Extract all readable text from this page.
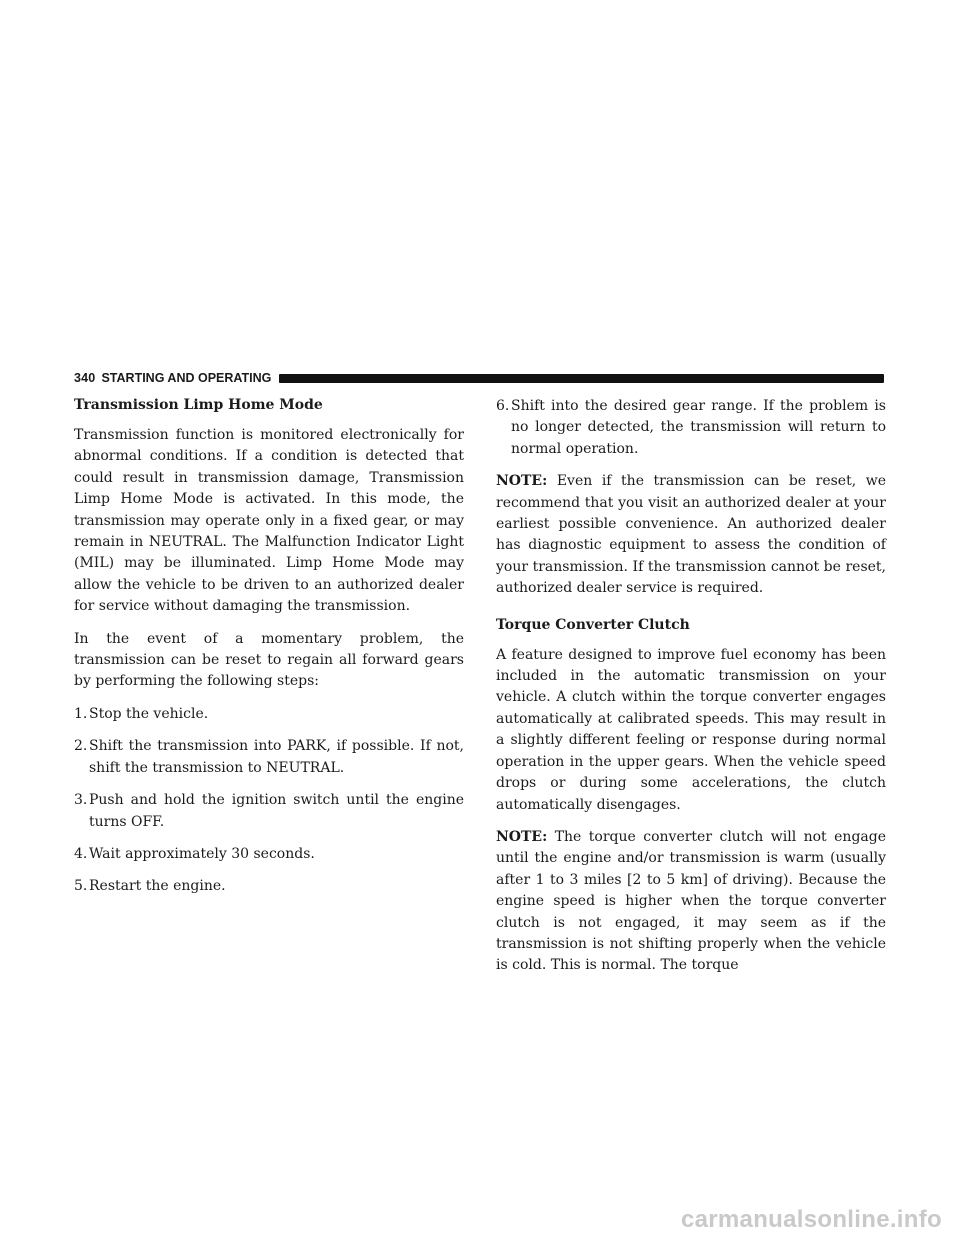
340 STARTING AND OPERATING
Transmission Limp Home Mode

Transmission function is monitored electronically for abnormal conditions. If a condition is detected that could result in transmission damage, Transmission Limp Home Mode is activated. In this mode, the transmission may operate only in a fixed gear, or may remain in NEUTRAL. The Malfunction Indicator Light (MIL) may be illuminated. Limp Home Mode may allow the vehicle to be driven to an authorized dealer for service without damaging the transmission.

In the event of a momentary problem, the transmission can be reset to regain all forward gears by performing the following steps:

1. Stop the vehicle.
2. Shift the transmission into PARK, if possible. If not, shift the transmission to NEUTRAL.
3. Push and hold the ignition switch until the engine turns OFF.
4. Wait approximately 30 seconds.
5. Restart the engine.
6. Shift into the desired gear range. If the problem is no longer detected, the transmission will return to normal operation.

NOTE: Even if the transmission can be reset, we recommend that you visit an authorized dealer at your earliest possible convenience. An authorized dealer has diagnostic equipment to assess the condition of your transmission. If the transmission cannot be reset, authorized dealer service is required.

Torque Converter Clutch

A feature designed to improve fuel economy has been included in the automatic transmission on your vehicle. A clutch within the torque converter engages automatically at calibrated speeds. This may result in a slightly different feeling or response during normal operation in the upper gears. When the vehicle speed drops or during some accelerations, the clutch automatically disengages.

NOTE: The torque converter clutch will not engage until the engine and/or transmission is warm (usually after 1 to 3 miles [2 to 5 km] of driving). Because the engine speed is higher when the torque converter clutch is not engaged, it may seem as if the transmission is not shifting properly when the vehicle is cold. This is normal. The torque

carmanualsonline.info
